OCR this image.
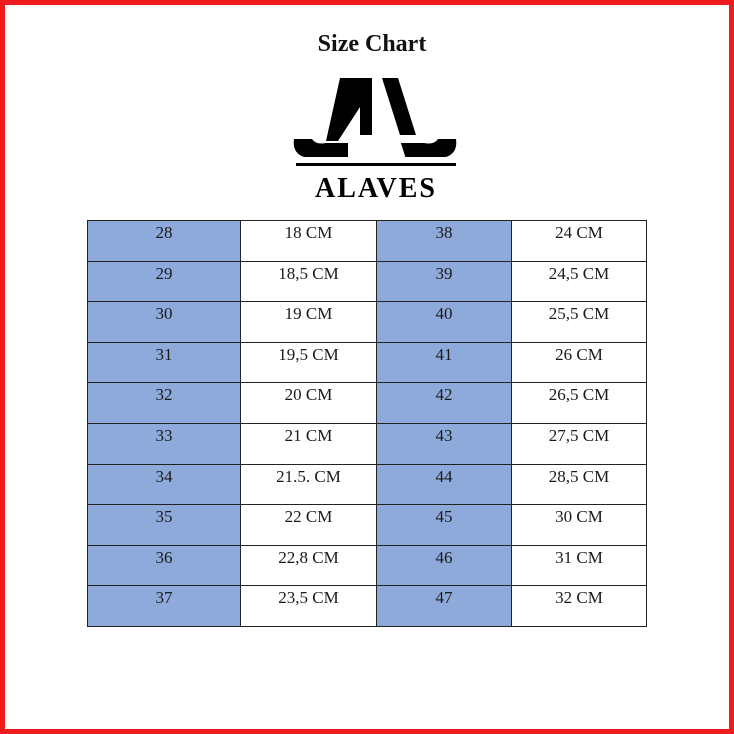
Size Chart
ALAVES
28	18 CM	38	24 CM
29	18,5 CM	39	24,5 CM
30	19 CM	40	25,5 CM
31	19,5 CM	41	26 CM
32	20 CM	42	26,5 CM
33	21 CM	43	27,5 CM
34	21.5. CM	44	28,5 CM
35	22 CM	45	30 CM
36	22,8 CM	46	31 CM
37	23,5 CM	47	32 CM
